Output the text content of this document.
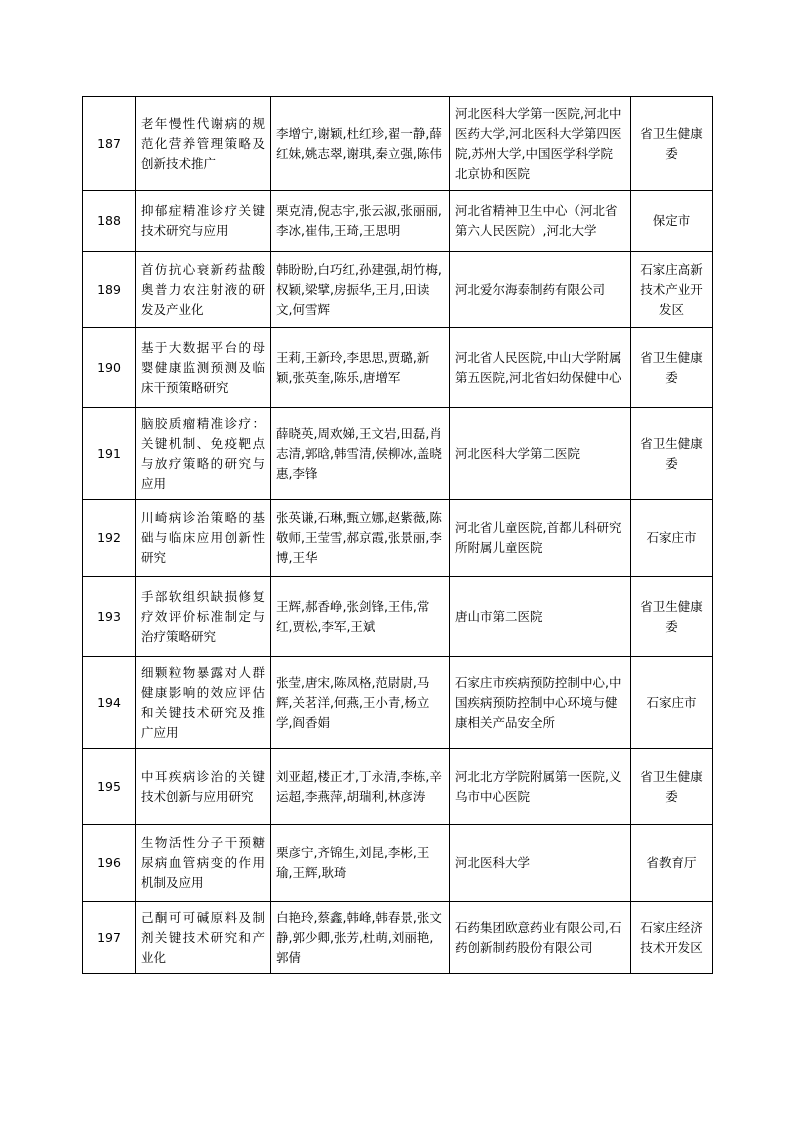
187	老年慢性代谢病的规范化营养管理策略及创新技术推广	李增宁,谢颖,杜红珍,翟一静,薛红妹,姚志翠,谢琪,秦立强,陈伟	河北医科大学第一医院,河北中医药大学,河北医科大学第四医院,苏州大学,中国医学科学院北京协和医院	省卫生健康委
188	抑郁症精准诊疗关键技术研究与应用	栗克清,倪志宇,张云淑,张丽丽,李冰,崔伟,王琦,王思明	河北省精神卫生中心（河北省第六人民医院）,河北大学	保定市
189	首仿抗心衰新药盐酸奥普力农注射液的研发及产业化	韩盼盼,白巧红,孙建强,胡竹梅,权颖,梁擘,房振华,王月,田读文,何雪辉	河北爱尔海泰制药有限公司	石家庄高新技术产业开发区
190	基于大数据平台的母婴健康监测预测及临床干预策略研究	王莉,王新玲,李思思,贾璐,新颖,张英奎,陈乐,唐增军	河北省人民医院,中山大学附属第五医院,河北省妇幼保健中心	省卫生健康委
191	脑胶质瘤精准诊疗：关键机制、免疫靶点与放疗策略的研究与应用	薛晓英,周欢娣,王文岩,田磊,肖志清,郭晗,韩雪清,侯柳冰,盖晓惠,李锋	河北医科大学第二医院	省卫生健康委
192	川崎病诊治策略的基础与临床应用创新性研究	张英谦,石琳,甄立娜,赵紫薇,陈敬师,王莹雪,郝京霞,张景丽,李博,王华	河北省儿童医院,首都儿科研究所附属儿童医院	石家庄市
193	手部软组织缺损修复疗效评价标准制定与治疗策略研究	王辉,郝香峥,张剑锋,王伟,常红,贾松,李军,王斌	唐山市第二医院	省卫生健康委
194	细颗粒物暴露对人群健康影响的效应评估和关键技术研究及推广应用	张莹,唐宋,陈凤格,范尉尉,马辉,关茗洋,何燕,王小青,杨立学,阎香娟	石家庄市疾病预防控制中心,中国疾病预防控制中心环境与健康相关产品安全所	石家庄市
195	中耳疾病诊治的关键技术创新与应用研究	刘亚超,楼正才,丁永清,李栋,辛运超,李燕萍,胡瑞利,林彦涛	河北北方学院附属第一医院,义乌市中心医院	省卫生健康委
196	生物活性分子干预糖尿病血管病变的作用机制及应用	栗彦宁,齐锦生,刘昆,李彬,王瑜,王辉,耿琦	河北医科大学	省教育厅
197	己酮可可碱原料及制剂关键技术研究和产业化	白艳玲,蔡鑫,韩峰,韩春景,张文静,郭少卿,张芳,杜萌,刘丽艳,郭倩	石药集团欧意药业有限公司,石药创新制药股份有限公司	石家庄经济技术开发区
